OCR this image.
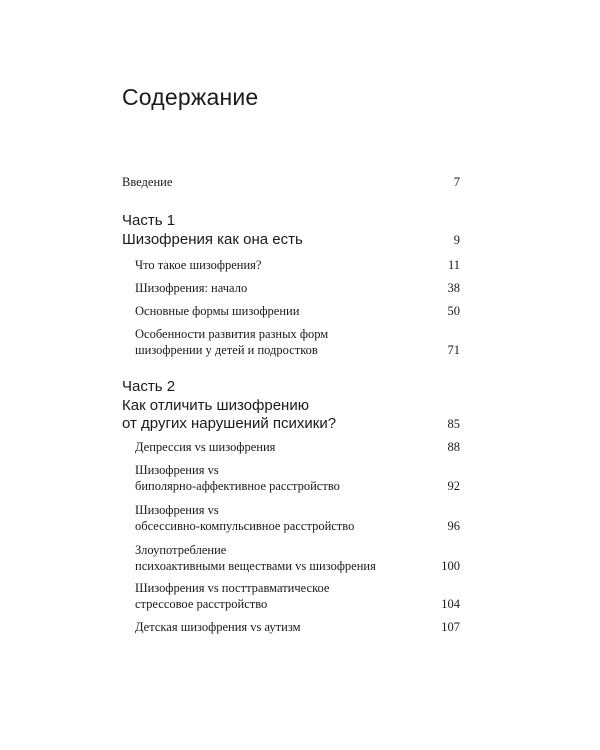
Содержание
Введение . . .	7
Часть 1
Шизофрения как она есть . . .	9
Что такое шизофрения? . . .	11
Шизофрения: начало . . .	38
Основные формы шизофрении . . .	50
Особенности развития разных форм
шизофрении у детей и подростков . . .	71
Часть 2
Как отличить шизофрению
от других нарушений психики? . . .	85
Депрессия vs шизофрения . . .	88
Шизофрения vs
биполярно-аффективное расстройство . . .	92
Шизофрения vs
обсессивно-компульсивное расстройство . . .	96
Злоупотребление
психоактивными веществами vs шизофрения . . .	100
Шизофрения vs посттравматическое
стрессовое расстройство . . .	104
Детская шизофрения vs аутизм . . .	107
